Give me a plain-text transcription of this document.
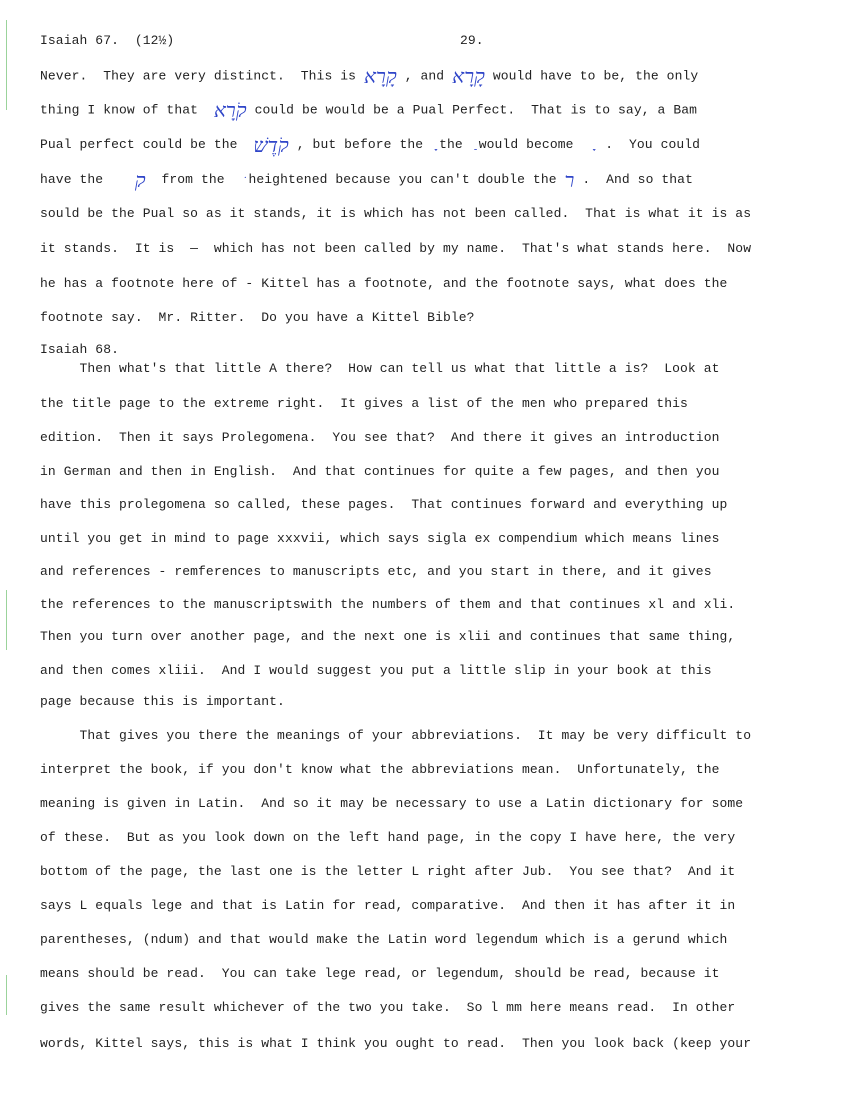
Isaiah 67.  (12½)	29.
Never.  They are very distinct.  This is קָרָא , and קָרָא would have to be, the only
thing I know of that  קֹרָא could be would be a Pual Perfect.  That is to say, a Bam
Pual perfect could be the  קֹדֶשׁ , but before the ָ the ַ would become  ָ  .  You could
have the    ק  from the  ּ heightened because you can't double the ר .  And so that
sould be the Pual so as it stands, it is which has not been called.  That is what it is as
it stands.  It is  —  which has not been called by my name.  That's what stands here.  Now
he has a footnote here of - Kittel has a footnote, and the footnote says, what does the
footnote say.  Mr. Ritter.  Do you have a Kittel Bible?
Isaiah 68.
Then what's that little A there?  How can tell us what that little a is?  Look at
the title page to the extreme right.  It gives a list of the men who prepared this
edition.  Then it says Prolegomena.  You see that?  And there it gives an introduction
in German and then in English.  And that continues for quite a few pages, and then you
have this prolegomena so called, these pages.  That continues forward and everything up
until you get in mind to page xxxvii, which says sigla ex compendium which means lines
and references - remferences to manuscripts etc, and you start in there, and it gives
the references to the manuscriptswith the numbers of them and that continues xl and xli.
Then you turn over another page, and the next one is xlii and continues that same thing,
and then comes xliii.  And I would suggest you put a little slip in your book at this
page because this is important.
That gives you there the meanings of your abbreviations.  It may be very difficult to
interpret the book, if you don't know what the abbreviations mean.  Unfortunately, the
meaning is given in Latin.  And so it may be necessary to use a Latin dictionary for some
of these.  But as you look down on the left hand page, in the copy I have here, the very
bottom of the page, the last one is the letter L right after Jub.  You see that?  And it
says L equals lege and that is Latin for read, comparative.  And then it has after it in
parentheses, (ndum) and that would make the Latin word legendum which is a gerund which
means should be read.  You can take lege read, or legendum, should be read, because it
gives the same result whichever of the two you take.  So l mm here means read.  In other
words, Kittel says, this is what I think you ought to read.  Then you look back (keep your
